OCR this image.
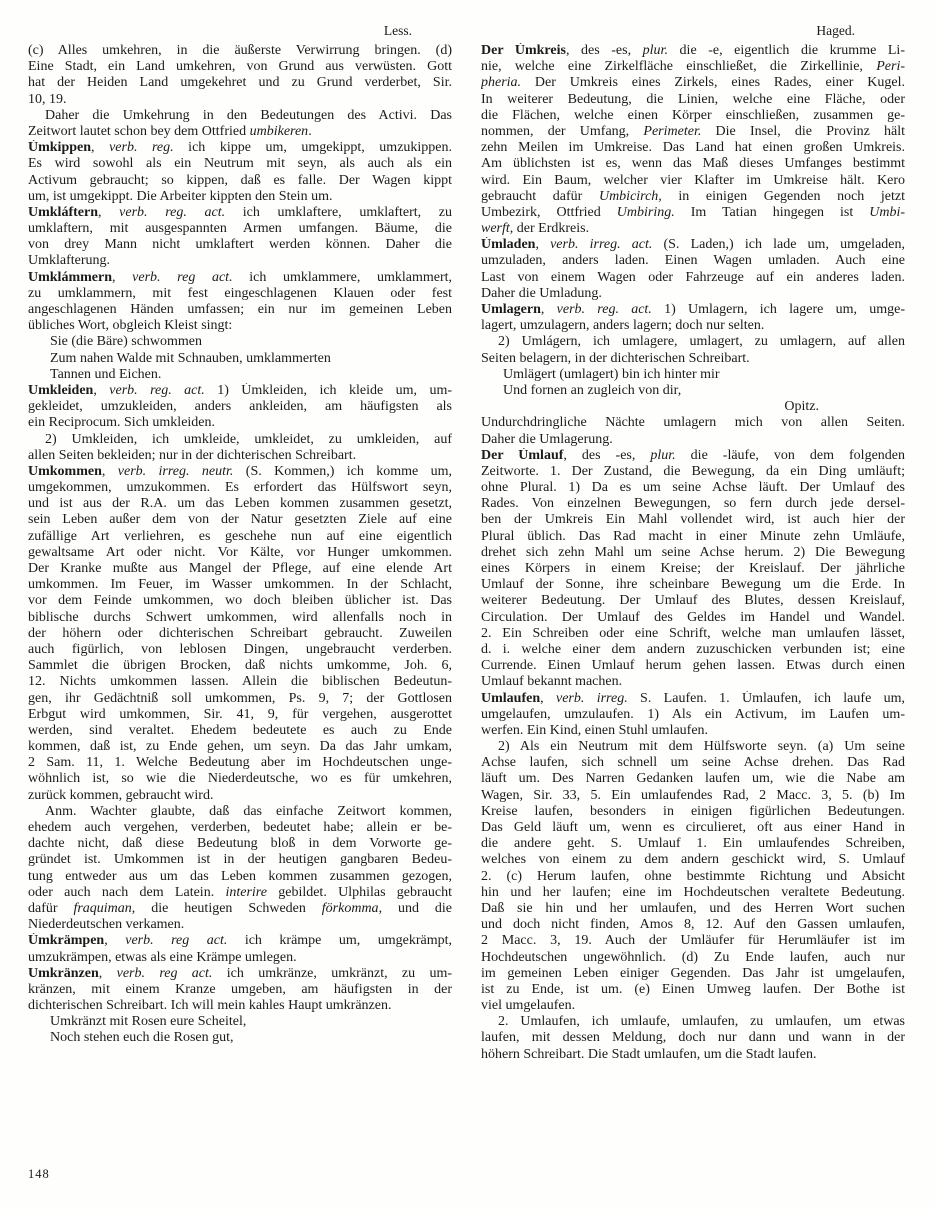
Less.	Haged.
(c) Alles umkehren, in die äußerste Verwirrung bringen. (d)
Eine Stadt, ein Land umkehren, von Grund aus verwüsten. Gott
hat der Heiden Land umgekehret und zu Grund verderbet, Sir.
10, 19.
Daher die Umkehrung in den Bedeutungen des Activi. Das
Zeitwort lautet schon bey dem Ottfried umbikeren.
Úmkippen, verb. reg. ich kippe um, umgekippt, umzukippen.
Es wird sowohl als ein Neutrum mit seyn, als auch als ein
Activum gebraucht; so kippen, daß es falle. Der Wagen kippt
um, ist umgekippt. Die Arbeiter kippten den Stein um.
Umkláftern, verb. reg. act. ich umklaftere, umklaftert, zu
umklaftern, mit ausgespannten Armen umfangen. Bäume, die
von drey Mann nicht umklaftert werden können. Daher die
Umklafterung.
Umklámmern, verb. reg act. ich umklammere, umklammert,
zu umklammern, mit fest eingeschlagenen Klauen oder fest
angeschlagenen Händen umfassen; ein nur im gemeinen Leben
übliches Wort, obgleich Kleist singt:
Sie (die Bäre) schwommen
Zum nahen Walde mit Schnauben, umklammerten
Tannen und Eichen.
Umkleiden, verb. reg. act. 1) Úmkleiden, ich kleide um, um-
gekleidet, umzukleiden, anders ankleiden, am häufigsten als
ein Reciprocum. Sich umkleiden.
2) Umkleiden, ich umkleide, umkleidet, zu umkleiden, auf
allen Seiten bekleiden; nur in der dichterischen Schreibart.
Umkommen, verb. irreg. neutr. (S. Kommen,) ich komme um,
umgekommen, umzukommen. Es erfordert das Hülfswort seyn,
und ist aus der R.A. um das Leben kommen zusammen gesetzt,
sein Leben außer dem von der Natur gesetzten Ziele auf eine
zufällige Art verliehren, es geschehe nun auf eine eigentlich
gewaltsame Art oder nicht. Vor Kälte, vor Hunger umkommen.
Der Kranke mußte aus Mangel der Pflege, auf eine elende Art
umkommen. Im Feuer, im Wasser umkommen. In der Schlacht,
vor dem Feinde umkommen, wo doch bleiben üblicher ist. Das
biblische durchs Schwert umkommen, wird allenfalls noch in
der höhern oder dichterischen Schreibart gebraucht. Zuweilen
auch figürlich, von leblosen Dingen, ungebraucht verderben.
Sammlet die übrigen Brocken, daß nichts umkomme, Joh. 6,
12. Nichts umkommen lassen. Allein die biblischen Bedeutun-
gen, ihr Gedächtniß soll umkommen, Ps. 9, 7; der Gottlosen
Erbgut wird umkommen, Sir. 41, 9, für vergehen, ausgerottet
werden, sind veraltet. Ehedem bedeutete es auch zu Ende
kommen, daß ist, zu Ende gehen, um seyn. Da das Jahr umkam,
2 Sam. 11, 1. Welche Bedeutung aber im Hochdeutschen unge-
wöhnlich ist, so wie die Niederdeutsche, wo es für umkehren,
zurück kommen, gebraucht wird.
Anm. Wachter glaubte, daß das einfache Zeitwort kommen,
ehedem auch vergehen, verderben, bedeutet habe; allein er be-
dachte nicht, daß diese Bedeutung bloß in dem Vorworte ge-
gründet ist. Umkommen ist in der heutigen gangbaren Bedeu-
tung entweder aus um das Leben kommen zusammen gezogen,
oder auch nach dem Latein. interire gebildet. Ulphilas gebraucht
dafür fraquiman, die heutigen Schweden förkomma, und die
Niederdeutschen verkamen.
Úmkrämpen, verb. reg act. ich krämpe um, umgekrämpt,
umzukrämpen, etwas als eine Krämpe umlegen.
Umkränzen, verb. reg act. ich umkränze, umkränzt, zu um-
kränzen, mit einem Kranze umgeben, am häufigsten in der
dichterischen Schreibart. Ich will mein kahles Haupt umkränzen.
Umkränzt mit Rosen eure Scheitel,
Noch stehen euch die Rosen gut,
Der Úmkreis, des -es, plur. die -e, eigentlich die krumme Li-
nie, welche eine Zirkelfläche einschließet, die Zirkellinie, Peri-
pheria. Der Umkreis eines Zirkels, eines Rades, einer Kugel.
In weiterer Bedeutung, die Linien, welche eine Fläche, oder
die Flächen, welche einen Körper einschließen, zusammen ge-
nommen, der Umfang, Perimeter. Die Insel, die Provinz hält
zehn Meilen im Umkreise. Das Land hat einen großen Umkreis.
Am üblichsten ist es, wenn das Maß dieses Umfanges bestimmt
wird. Ein Baum, welcher vier Klafter im Umkreise hält. Kero
gebraucht dafür Umbicirch, in einigen Gegenden noch jetzt
Umbezirk, Ottfried Umbiring. Im Tatian hingegen ist Umbi-
werft, der Erdkreis.
Úmladen, verb. irreg. act. (S. Laden,) ich lade um, umgeladen,
umzuladen, anders laden. Einen Wagen umladen. Auch eine
Last von einem Wagen oder Fahrzeuge auf ein anderes laden.
Daher die Umladung.
Umlagern, verb. reg. act. 1) Umlagern, ich lagere um, umge-
lagert, umzulagern, anders lagern; doch nur selten.
2) Umlágern, ich umlagere, umlagert, zu umlagern, auf allen
Seiten belagern, in der dichterischen Schreibart.
Umlägert (umlagert) bin ich hinter mir
Und fornen an zugleich von dir,
Opitz.
Undurchdringliche Nächte umlagern mich von allen Seiten.
Daher die Umlagerung.
Der Úmlauf, des -es, plur. die -läufe, von dem folgenden
Zeitworte. 1. Der Zustand, die Bewegung, da ein Ding umläuft;
ohne Plural. 1) Da es um seine Achse läuft. Der Umlauf des
Rades. Von einzelnen Bewegungen, so fern durch jede dersel-
ben der Umkreis Ein Mahl vollendet wird, ist auch hier der
Plural üblich. Das Rad macht in einer Minute zehn Umläufe,
drehet sich zehn Mahl um seine Achse herum. 2) Die Bewegung
eines Körpers in einem Kreise; der Kreislauf. Der jährliche
Umlauf der Sonne, ihre scheinbare Bewegung um die Erde. In
weiterer Bedeutung. Der Umlauf des Blutes, dessen Kreislauf,
Circulation. Der Umlauf des Geldes im Handel und Wandel.
2. Ein Schreiben oder eine Schrift, welche man umlaufen lässet,
d. i. welche einer dem andern zuzuschicken verbunden ist; eine
Currende. Einen Umlauf herum gehen lassen. Etwas durch einen
Umlauf bekannt machen.
Umlaufen, verb. irreg. S. Laufen. 1. Úmlaufen, ich laufe um,
umgelaufen, umzulaufen. 1) Als ein Activum, im Laufen um-
werfen. Ein Kind, einen Stuhl umlaufen.
2) Als ein Neutrum mit dem Hülfsworte seyn. (a) Um seine
Achse laufen, sich schnell um seine Achse drehen. Das Rad
läuft um. Des Narren Gedanken laufen um, wie die Nabe am
Wagen, Sir. 33, 5. Ein umlaufendes Rad, 2 Macc. 3, 5. (b) Im
Kreise laufen, besonders in einigen figürlichen Bedeutungen.
Das Geld läuft um, wenn es circulieret, oft aus einer Hand in
die andere geht. S. Umlauf 1. Ein umlaufendes Schreiben,
welches von einem zu dem andern geschickt wird, S. Umlauf
2. (c) Herum laufen, ohne bestimmte Richtung und Absicht
hin und her laufen; eine im Hochdeutschen veraltete Bedeutung.
Daß sie hin und her umlaufen, und des Herren Wort suchen
und doch nicht finden, Amos 8, 12. Auf den Gassen umlaufen,
2 Macc. 3, 19. Auch der Umläufer für Herumläufer ist im
Hochdeutschen ungewöhnlich. (d) Zu Ende laufen, auch nur
im gemeinen Leben einiger Gegenden. Das Jahr ist umgelaufen,
ist zu Ende, ist um. (e) Einen Umweg laufen. Der Bothe ist
viel umgelaufen.
2. Umlaufen, ich umlaufe, umlaufen, zu umlaufen, um etwas
laufen, mit dessen Meldung, doch nur dann und wann in der
höhern Schreibart. Die Stadt umlaufen, um die Stadt laufen.
148
